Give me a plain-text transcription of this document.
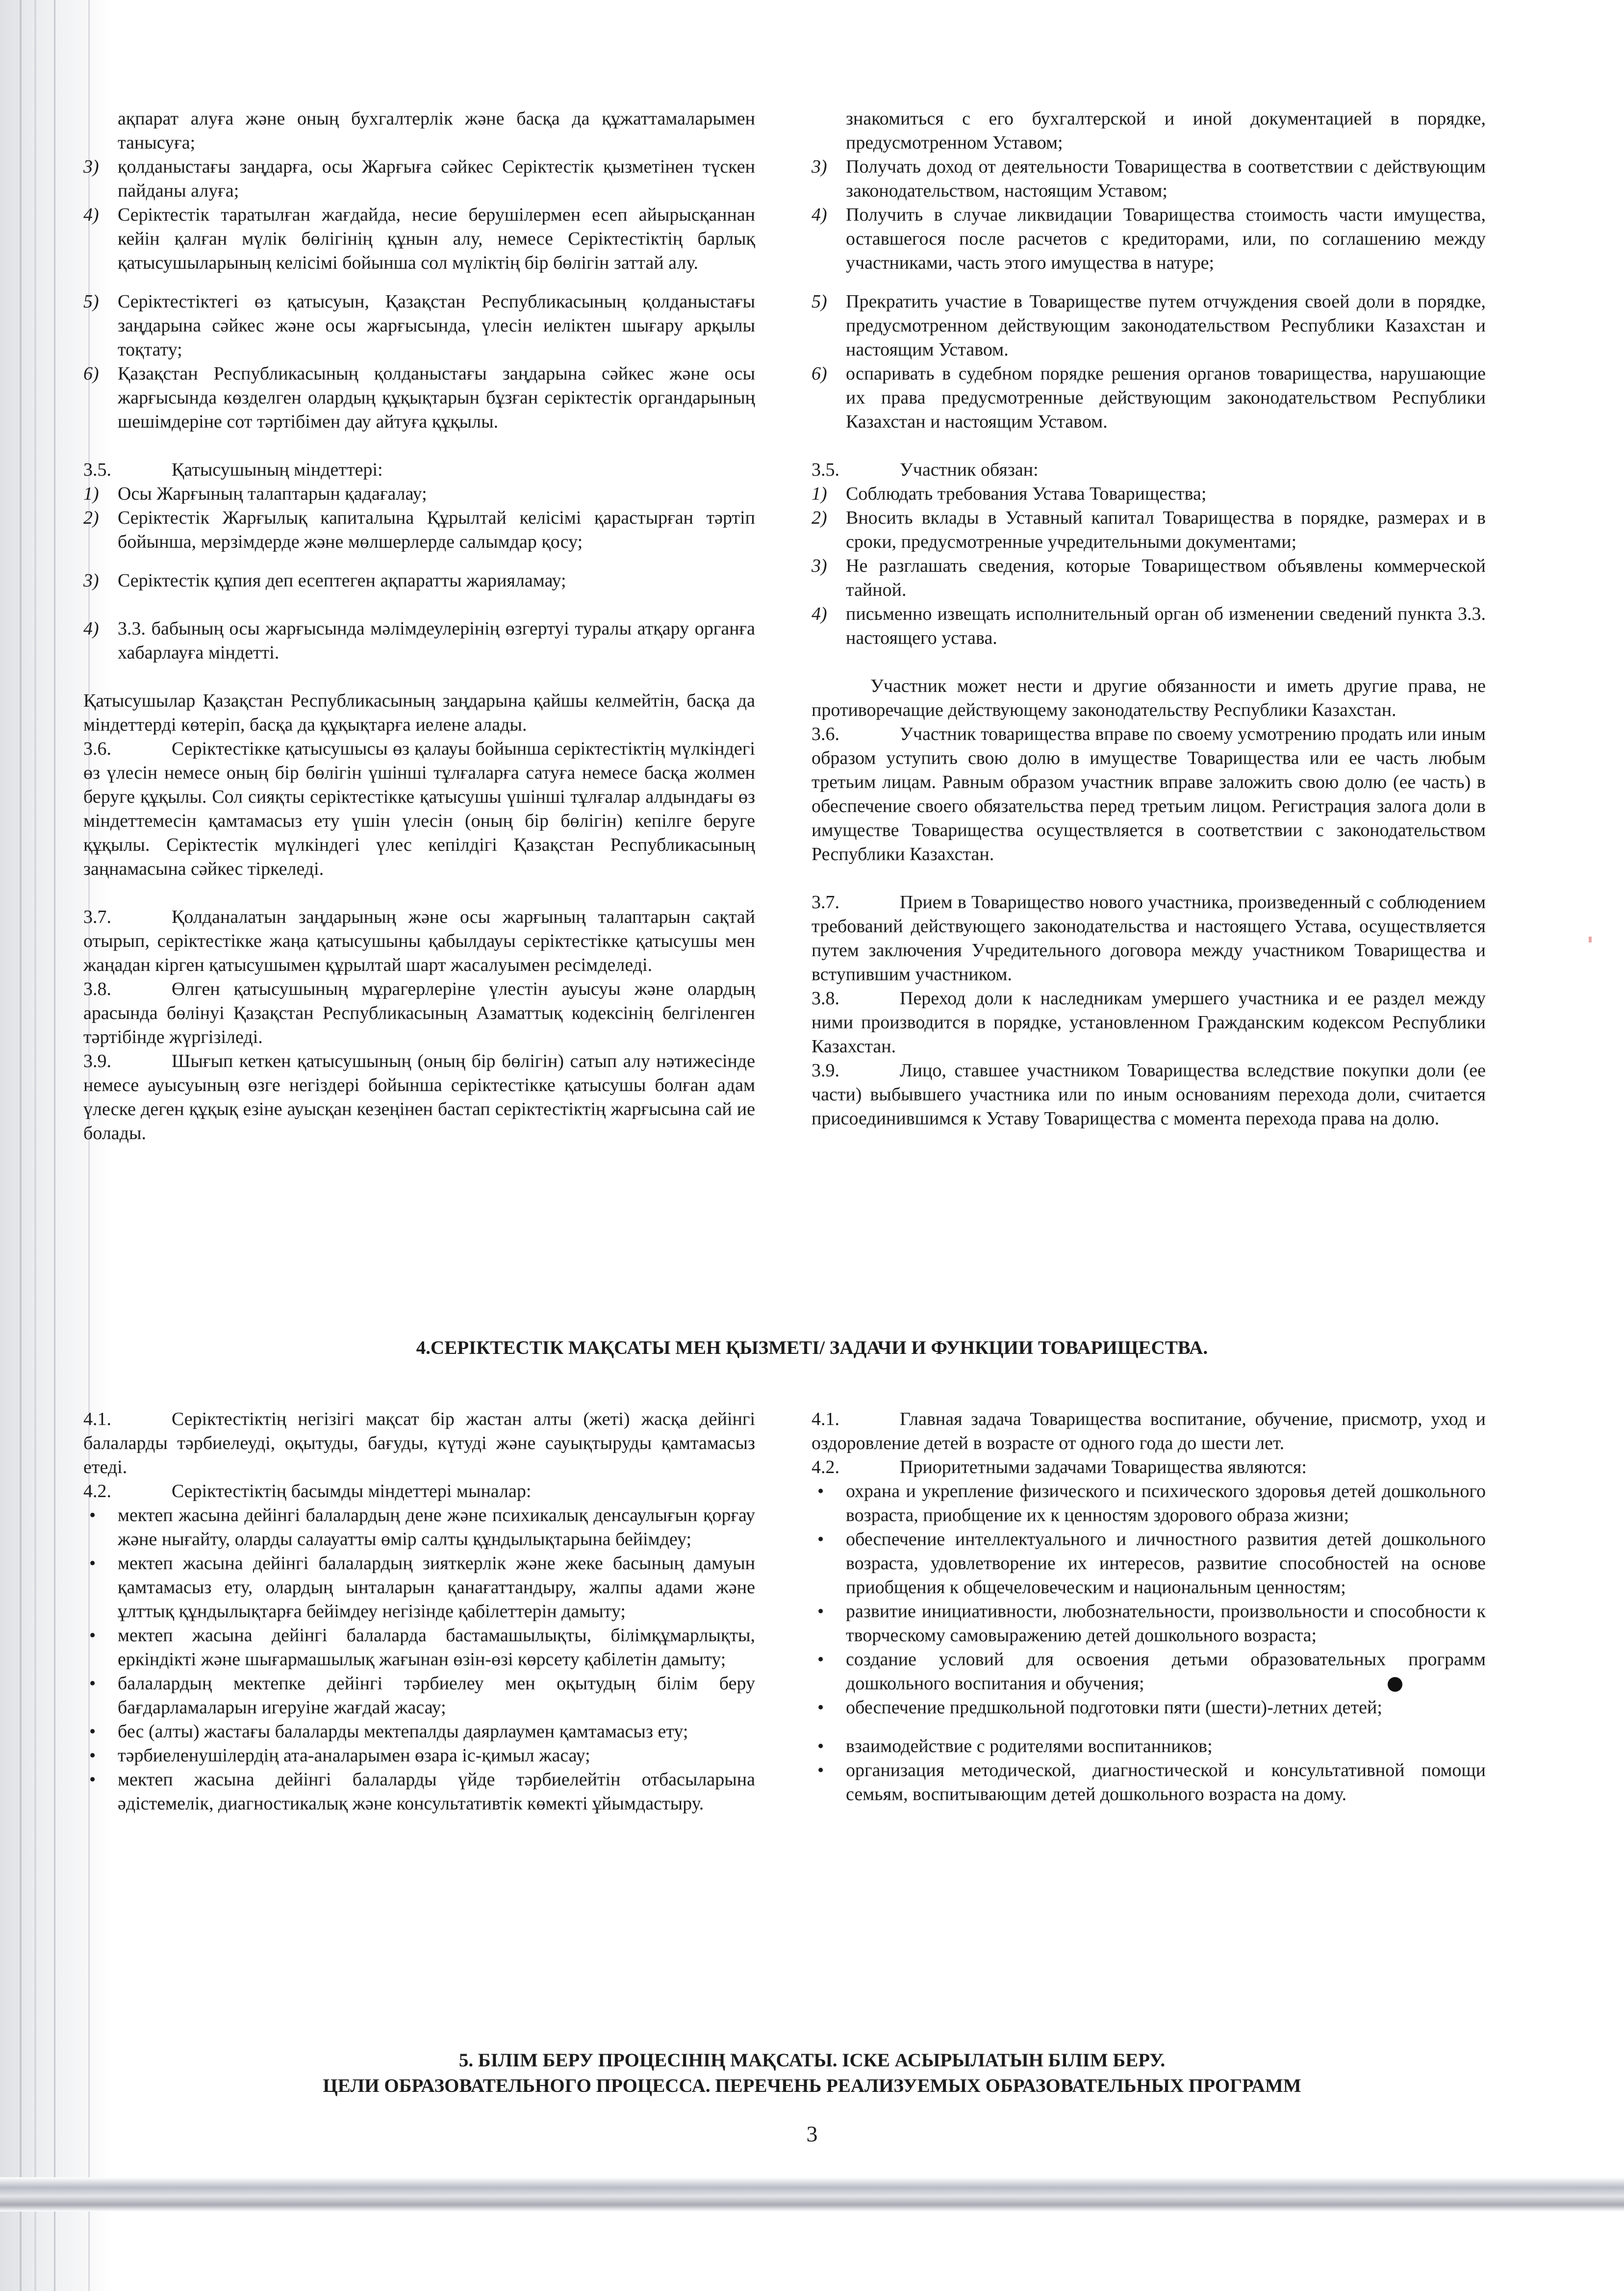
ақпарат алуға және оның бухгалтерлік және басқа да құжаттамаларымен танысуға;
3) қолданыстағы заңдарға, осы Жарғыға сәйкес Серіктестік қызметінен түскен пайданы алуға;
4) Серіктестік таратылған жағдайда, несие берушілермен есеп айырысқаннан кейін қалған мүлік бөлігінің құнын алу, немесе Серіктестіктің барлық қатысушыларының келісімі бойынша сол мүліктің бір бөлігін заттай алу.
5) Серіктестіктегі өз қатысуын, Қазақстан Республикасының қолданыстағы заңдарына сәйкес және осы жарғысында, үлесін иеліктен шығару арқылы тоқтату;
6) Қазақстан Республикасының қолданыстағы заңдарына сәйкес және осы жарғысында көзделген олардың құқықтарын бұзған серіктестік органдарының шешімдеріне сот тәртібімен дау айтуға құқылы.
3.5.	Қатысушының міндеттері:
1) Осы Жарғының талаптарын қадағалау;
2) Серіктестік Жарғылық капиталына Құрылтай келісімі қарастырған тәртіп бойынша, мерзімдерде және мөлшерлерде салымдар қосу;
3) Серіктестік құпия деп есептеген ақпаратты жарияламау;
4) 3.3. бабының осы жарғысында мәлімдеулерінің өзгертуі туралы атқару органға хабарлауға міндетті.
Қатысушылар Қазақстан Республикасының заңдарына қайшы келмейтін, басқа да міндеттерді көтеріп, басқа да құқықтарға иелене алады.
3.6.	Серіктестікке қатысушысы өз қалауы бойынша серіктестіктің мүлкіндегі өз үлесін немесе оның бір бөлігін үшінші тұлғаларға сатуға немесе басқа жолмен беруге құқылы. Сол сияқты серіктестікке қатысушы үшінші тұлғалар алдындағы өз міндеттемесін қамтамасыз ету үшін үлесін (оның бір бөлігін) кепілге беруге құқылы. Серіктестік мүлкіндегі үлес кепілдігі Қазақстан Республикасының заңнамасына сәйкес тіркеледі.
3.7.	Қолданалатын заңдарының және осы жарғының талаптарын сақтай отырып, серіктестікке жаңа қатысушыны қабылдауы серіктестікке қатысушы мен жаңадан кірген қатысушымен құрылтай шарт жасалуымен ресімделеді.
3.8.	Өлген қатысушының мұрагерлеріне үлестін ауысуы және олардың арасында бөлінуі Қазақстан Республикасының Азаматтық кодексінің белгіленген тәртібінде жүргізіледі.
3.9.	Шығып кеткен қатысушының (оның бір бөлігін) сатып алу нәтижесінде немесе ауысуының өзге негіздері бойынша серіктестікке қатысушы болған адам үлеске деген құқық езіне ауысқан кезеңінен бастап серіктестіктің жарғысына сай ие болады.
знакомиться с его бухгалтерской и иной документацией в порядке, предусмотренном Уставом;
3) Получать доход от деятельности Товарищества в соответствии с действующим законодательством, настоящим Уставом;
4) Получить в случае ликвидации Товарищества стоимость части имущества, оставшегося после расчетов с кредиторами, или, по соглашению между участниками, часть этого имущества в натуре;
5) Прекратить участие в Товариществе путем отчуждения своей доли в порядке, предусмотренном действующим законодательством Республики Казахстан и настоящим Уставом.
6) оспаривать в судебном порядке решения органов товарищества, нарушающие их права предусмотренные действующим законодательством Республики Казахстан и настоящим Уставом.
3.5.	Участник обязан:
1) Соблюдать требования Устава Товарищества;
2) Вносить вклады в Уставный капитал Товарищества в порядке, размерах и в сроки, предусмотренные учредительными документами;
3) Не разглашать сведения, которые Товариществом объявлены коммерческой тайной.
4) письменно извещать исполнительный орган об изменении сведений пункта 3.3. настоящего устава.
Участник может нести и другие обязанности и иметь другие права, не противоречащие действующему законодательству Республики Казахстан.
3.6.	Участник товарищества вправе по своему усмотрению продать или иным образом уступить свою долю в имуществе Товарищества или ее часть любым третьим лицам. Равным образом участник вправе заложить свою долю (ее часть) в обеспечение своего обязательства перед третьим лицом. Регистрация залога доли в имуществе Товарищества осуществляется в соответствии с законодательством Республики Казахстан.
3.7.	Прием в Товарищество нового участника, произведенный с соблюдением требований действующего законодательства и настоящего Устава, осуществляется путем заключения Учредительного договора между участником Товарищества и вступившим участником.
3.8.	Переход доли к наследникам умершего участника и ее раздел между ними производится в порядке, установленном Гражданским кодексом Республики Казахстан.
3.9.	Лицо, ставшее участником Товарищества вследствие покупки доли (ее части) выбывшего участника или по иным основаниям перехода доли, считается присоединившимся к Уставу Товарищества с момента перехода права на долю.
4.СЕРІКТЕСТІК МАҚСАТЫ МЕН ҚЫЗМЕТІ/ ЗАДАЧИ И ФУНКЦИИ ТОВАРИЩЕСТВА.
4.1.	Серіктестіктің негізігі мақсат бір жастан алты (жеті) жасқа дейінгі балаларды тәрбиелеуді, оқытуды, бағуды, күтуді және сауықтыруды қамтамасыз етеді.
4.2.	Серіктестіктің басымды міндеттері мыналар:
• мектеп жасына дейінгі балалардың дене және психикалық денсаулығын қорғау және нығайту, оларды салауатты өмір салты құндылықтарына бейімдеу;
• мектеп жасына дейінгі балалардың зияткерлік және жеке басының дамуын қамтамасыз ету, олардың ынталарын қанағаттандыру, жалпы адами және ұлттық құндылықтарға бейімдеу негізінде қабілеттерін дамыту;
• мектеп жасына дейінгі балаларда бастамашылықты, білімқұмарлықты, еркіндікті және шығармашылық жағынан өзін-өзі көрсету қабілетін дамыту;
• балалардың мектепке дейінгі тәрбиелеу мен оқытудың білім беру бағдарламаларын игеруіне жағдай жасау;
• бес (алты) жастағы балаларды мектепалды даярлаумен қамтамасыз ету;
• тәрбиеленушілердің ата-аналарымен өзара іс-қимыл жасау;
• мектеп жасына дейінгі балаларды үйде тәрбиелейтін отбасыларына әдістемелік, диагностикалық және консультативтік көмекті ұйымдастыру.
4.1.	Главная задача Товарищества воспитание, обучение, присмотр, уход и оздоровление детей в возрасте от одного года до шести лет.
4.2.	Приоритетными задачами Товарищества являются:
• охрана и укрепление физического и психического здоровья детей дошкольного возраста, приобщение их к ценностям здорового образа жизни;
• обеспечение интеллектуального и личностного развития детей дошкольного возраста, удовлетворение их интересов, развитие способностей на основе приобщения к общечеловеческим и национальным ценностям;
• развитие инициативности, любознательности, произвольности и способности к творческому самовыражению детей дошкольного возраста;
• создание условий для освоения детьми образовательных программ дошкольного воспитания и обучения;
• обеспечение предшкольной подготовки пяти (шести)-летних детей;
• взаимодействие с родителями воспитанников;
• организация методической, диагностической и консультативной помощи семьям, воспитывающим детей дошкольного возраста на дому.
5. БІЛІМ БЕРУ ПРОЦЕСІНІҢ МАҚСАТЫ. ІСКЕ АСЫРЫЛАТЫН БІЛІМ БЕРУ.
ЦЕЛИ ОБРАЗОВАТЕЛЬНОГО ПРОЦЕССА. ПЕРЕЧЕНЬ РЕАЛИЗУЕМЫХ ОБРАЗОВАТЕЛЬНЫХ ПРОГРАММ
3
